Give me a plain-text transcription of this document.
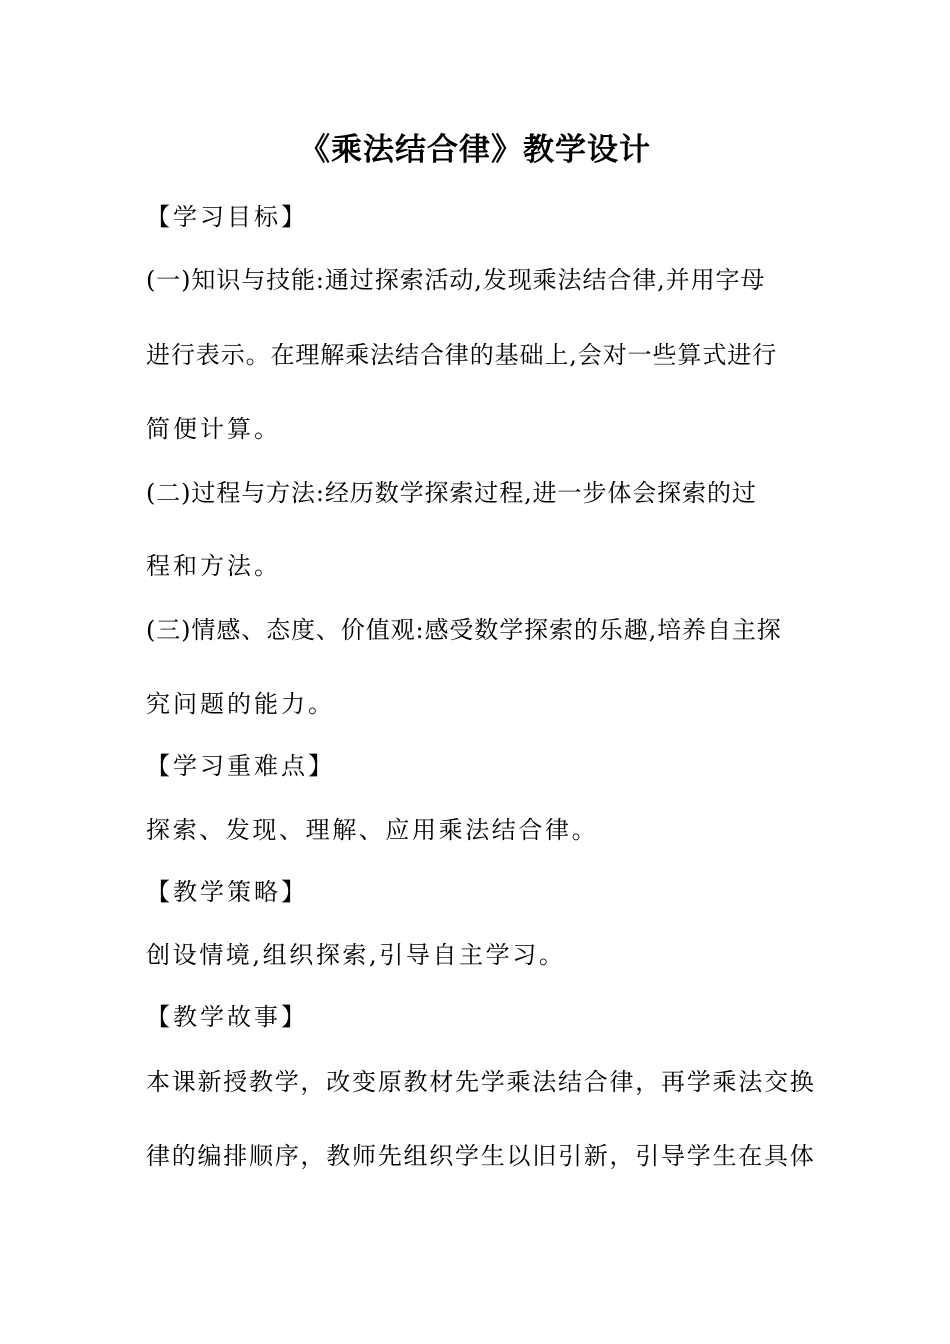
《乘法结合律》教学设计
【学习目标】
(一)知识与技能:通过探索活动,发现乘法结合律,并用字母
进行表示。在理解乘法结合律的基础上,会对一些算式进行
简便计算。
(二)过程与方法:经历数学探索过程,进一步体会探索的过
程和方法。
(三)情感、态度、价值观:感受数学探索的乐趣,培养自主探
究问题的能力。
【学习重难点】
探索、发现、理解、应用乘法结合律。
【教学策略】
创设情境,组织探索,引导自主学习。
【教学故事】
本课新授教学，改变原教材先学乘法结合律，再学乘法交换
律的编排顺序，教师先组织学生以旧引新，引导学生在具体
